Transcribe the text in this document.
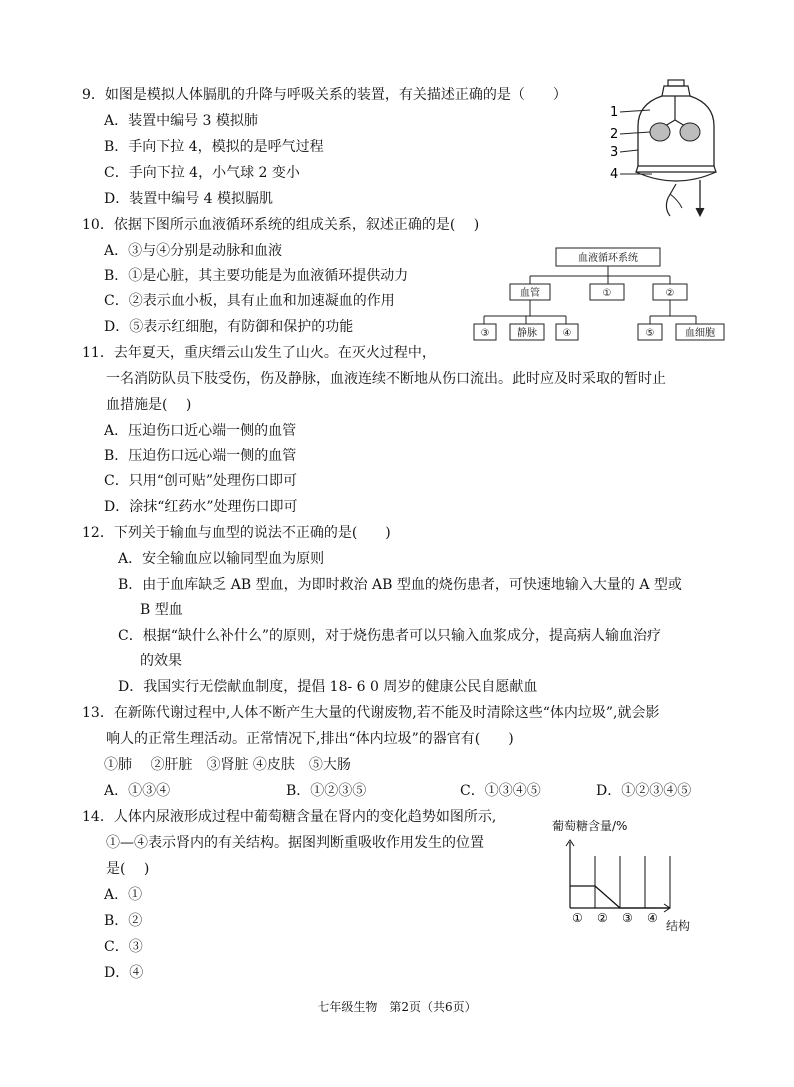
9．如图是模拟人体膈肌的升降与呼吸关系的装置，有关描述正确的是（　　）
A．装置中编号 3 模拟肺
B．手向下拉 4，模拟的是呼气过程
C．手向下拉 4，小气球 2 变小
D．装置中编号 4 模拟膈肌
1
2
3
4
10．依据下图所示血液循环系统的组成关系，叙述正确的是(　 )
A．③与④分别是动脉和血液
B．①是心脏，其主要功能是为血液循环提供动力
C．②表示血小板，具有止血和加速凝血的作用
D．⑤表示红细胞，有防御和保护的功能
血液循环系统
血管	①	②
③	静脉	④	⑤	血细胞
11．去年夏天，重庆缙云山发生了山火。在灭火过程中，
一名消防队员下肢受伤，伤及静脉，血液连续不断地从伤口流出。此时应及时采取的暂时止
血措施是(　 )
A．压迫伤口近心端一侧的血管
B．压迫伤口远心端一侧的血管
C．只用“创可贴”处理伤口即可
D．涂抹“红药水”处理伤口即可
12．下列关于输血与血型的说法不正确的是(　　)
A．安全输血应以输同型血为原则
B．由于血库缺乏 AB 型血，为即时救治 AB 型血的烧伤患者，可快速地输入大量的 A 型或
B 型血
C．根据“缺什么补什么”的原则，对于烧伤患者可以只输入血浆成分，提高病人输血治疗
的效果
D．我国实行无偿献血制度，提倡 18- 6 0 周岁的健康公民自愿献血
13．在新陈代谢过程中,人体不断产生大量的代谢废物,若不能及时清除这些“体内垃圾”,就会影
响人的正常生理活动。正常情况下,排出“体内垃圾”的器官有(　　)
①肺　 ②肝脏　③肾脏 ④皮肤　⑤大肠
A．①③④	B．①②③⑤	C．①③④⑤	D．①②③④⑤
14．人体内尿液形成过程中葡萄糖含量在肾内的变化趋势如图所示,
①—④表示肾内的有关结构。据图判断重吸收作用发生的位置
是(　 )
A．①
B．②
C．③
D．④
葡萄糖含量/%
结构
① ② ③ ④
七年级生物　第2页（共6页）
